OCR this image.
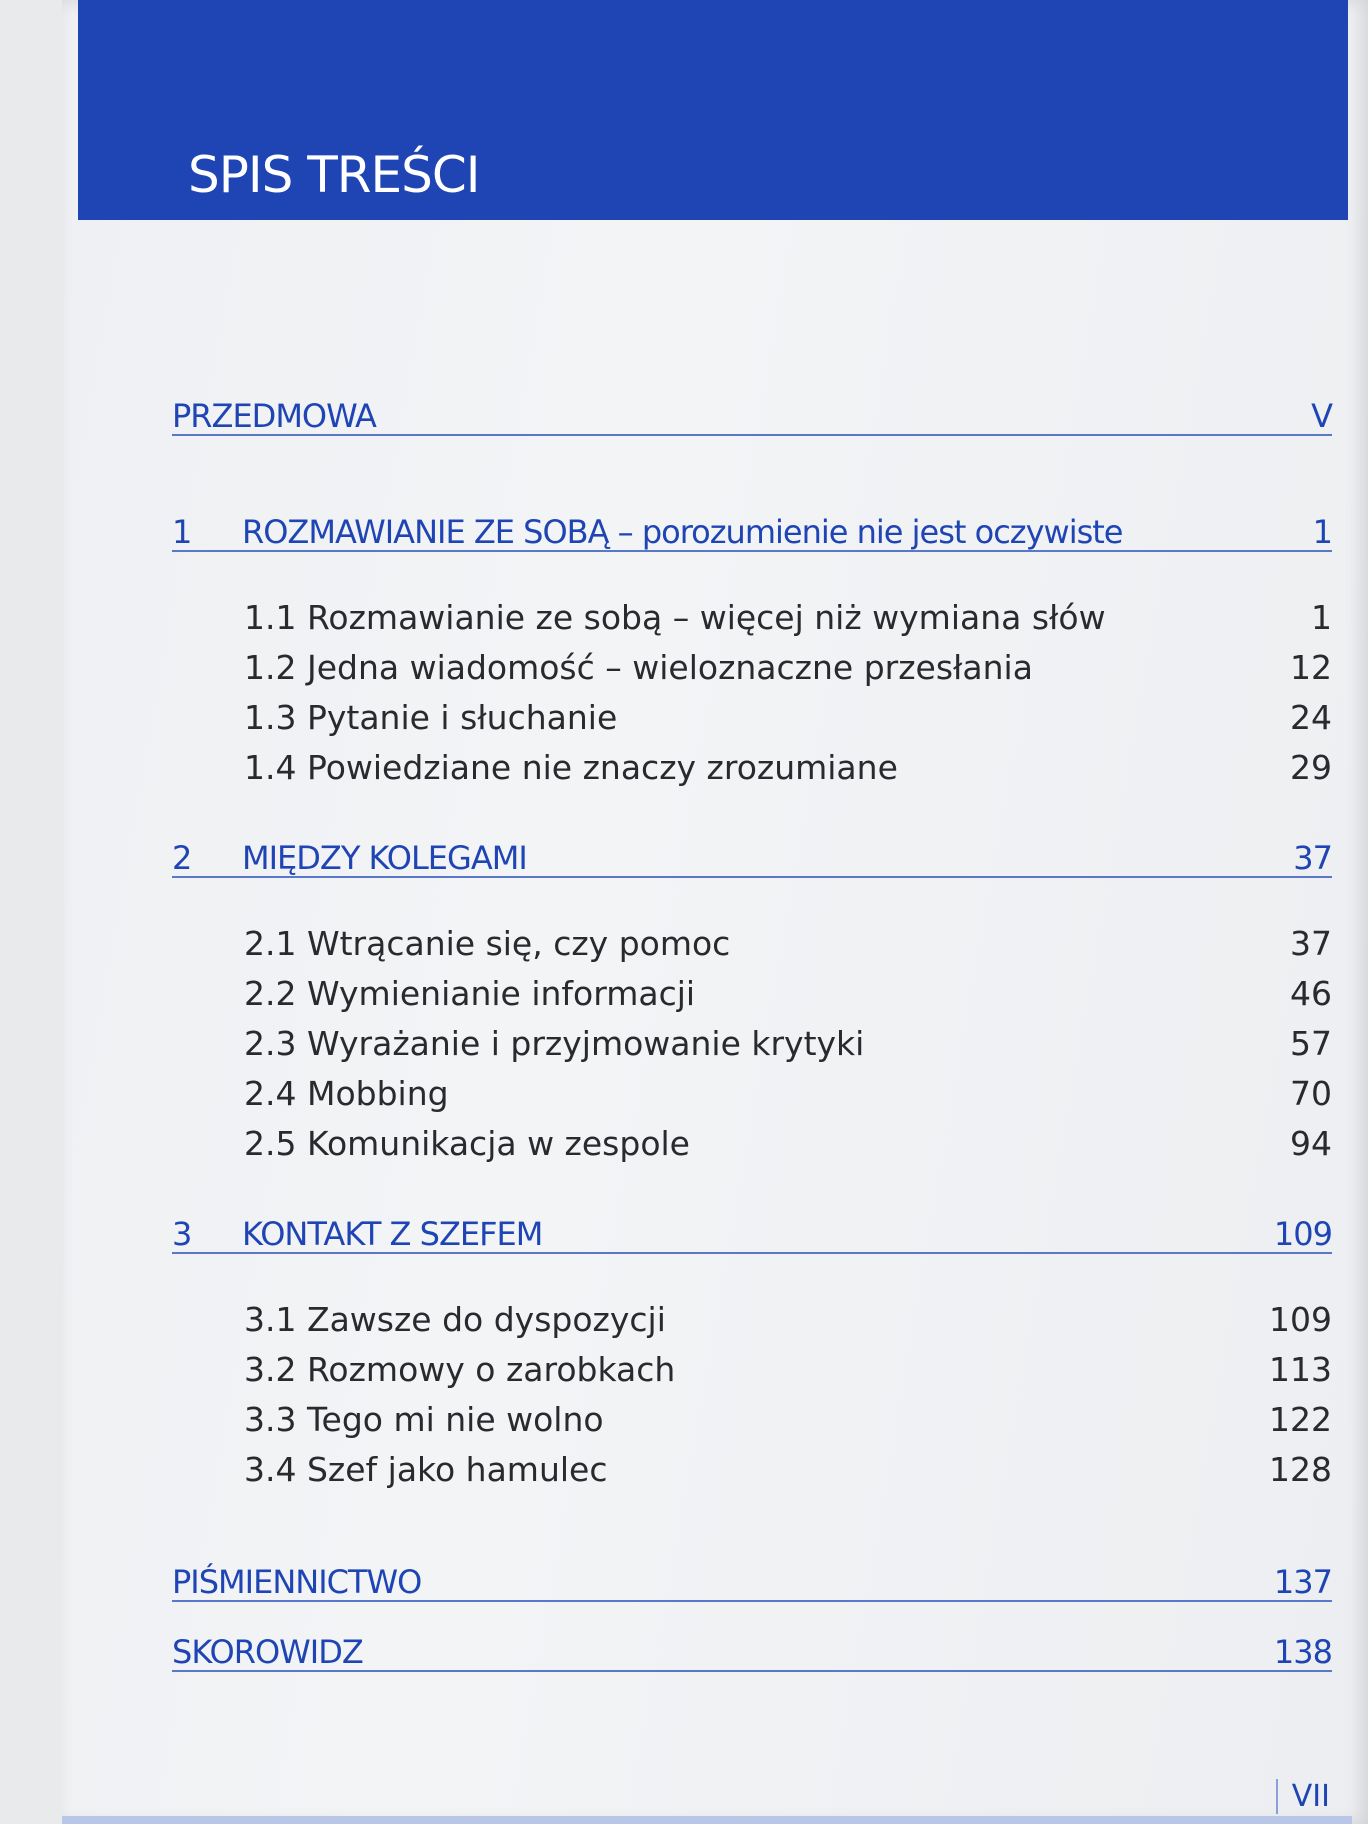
SPIS TREŚCI
PRZEDMOWA	V
1	ROZMAWIANIE ZE SOBĄ – porozumienie nie jest oczywiste	1
1.1 Rozmawianie ze sobą – więcej niż wymiana słów	1
1.2 Jedna wiadomość – wieloznaczne przesłania	12
1.3 Pytanie i słuchanie	24
1.4 Powiedziane nie znaczy zrozumiane	29
2	MIĘDZY KOLEGAMI	37
2.1 Wtrącanie się, czy pomoc	37
2.2 Wymienianie informacji	46
2.3 Wyrażanie i przyjmowanie krytyki	57
2.4 Mobbing	70
2.5 Komunikacja w zespole	94
3	KONTAKT Z SZEFEM	109
3.1 Zawsze do dyspozycji	109
3.2 Rozmowy o zarobkach	113
3.3 Tego mi nie wolno	122
3.4 Szef jako hamulec	128
PIŚMIENNICTWO	137
SKOROWIDZ	138
VII
